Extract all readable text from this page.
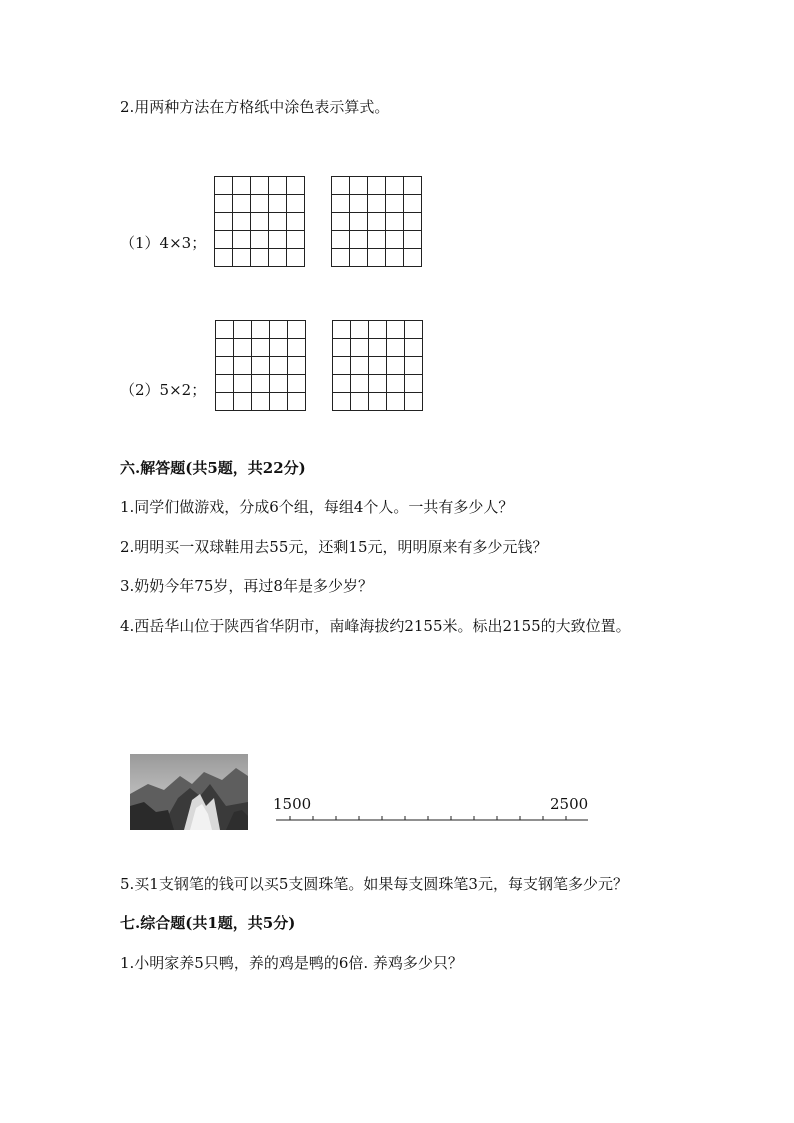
2.用两种方法在方格纸中涂色表示算式。
（1）4×3；
（2）5×2；
六.解答题(共5题，共22分)
1.同学们做游戏，分成6个组，每组4个人。一共有多少人？
2.明明买一双球鞋用去55元，还剩15元，明明原来有多少元钱？
3.奶奶今年75岁，再过8年是多少岁？
4.西岳华山位于陕西省华阴市，南峰海拔约2155米。标出2155的大致位置。
1500	2500
5.买1支钢笔的钱可以买5支圆珠笔。如果每支圆珠笔3元，每支钢笔多少元？
七.综合题(共1题，共5分)
1.小明家养5只鸭，养的鸡是鸭的6倍. 养鸡多少只？
